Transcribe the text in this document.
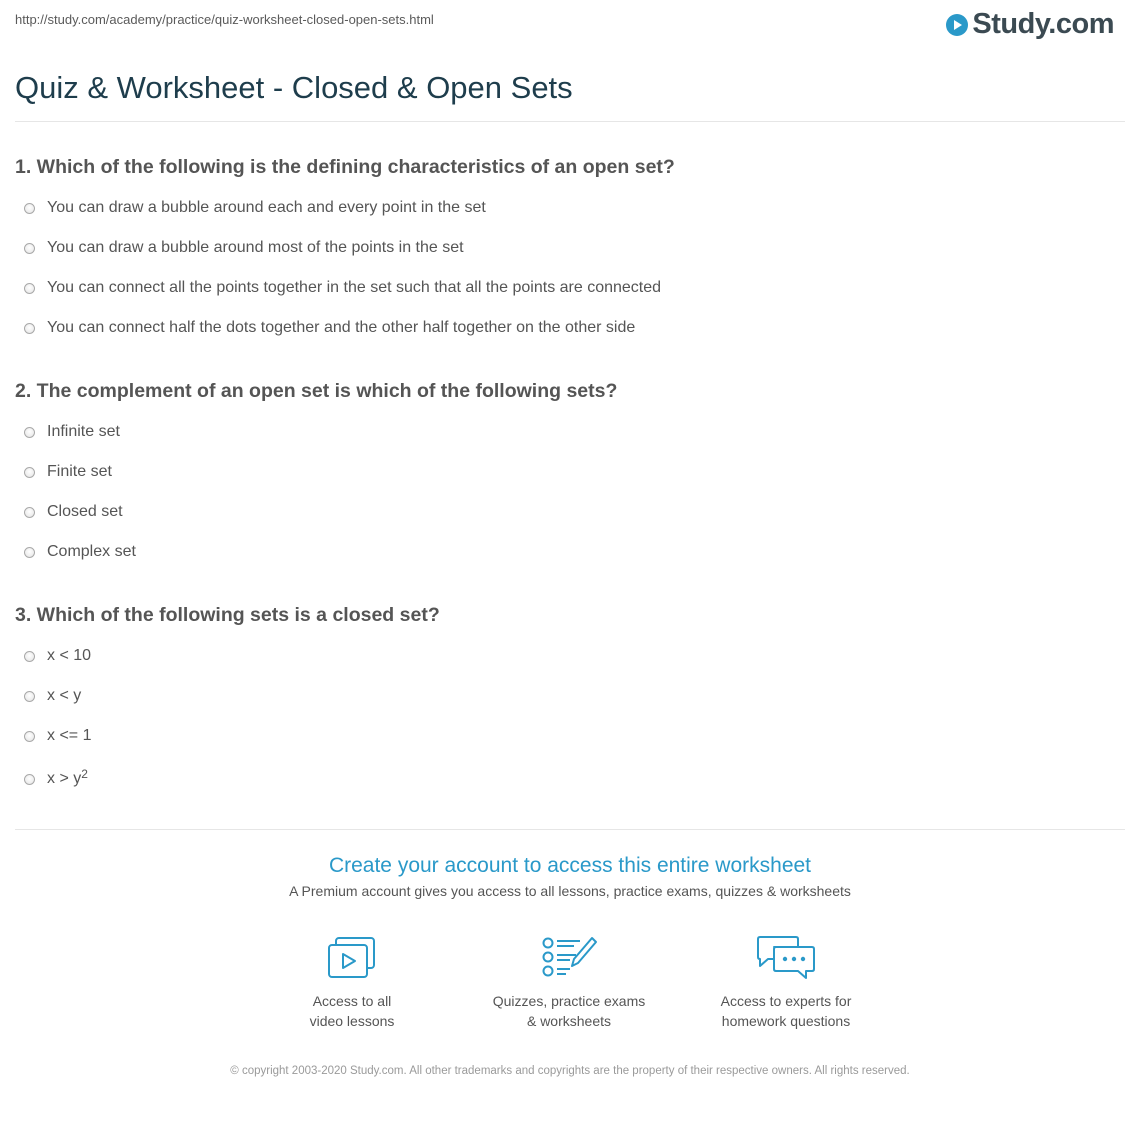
http://study.com/academy/practice/quiz-worksheet-closed-open-sets.html	Study.com
Quiz & Worksheet - Closed & Open Sets
1. Which of the following is the defining characteristics of an open set?
You can draw a bubble around each and every point in the set
You can draw a bubble around most of the points in the set
You can connect all the points together in the set such that all the points are connected
You can connect half the dots together and the other half together on the other side
2. The complement of an open set is which of the following sets?
Infinite set
Finite set
Closed set
Complex set
3. Which of the following sets is a closed set?
x < 10
x < y
x <= 1
$x > y^2$
Create your account to access this entire worksheet
A Premium account gives you access to all lessons, practice exams, quizzes & worksheets
Access to all
video lessons
Quizzes, practice exams
& worksheets
Access to experts for
homework questions
© copyright 2003-2020 Study.com. All other trademarks and copyrights are the property of their respective owners. All rights reserved.
